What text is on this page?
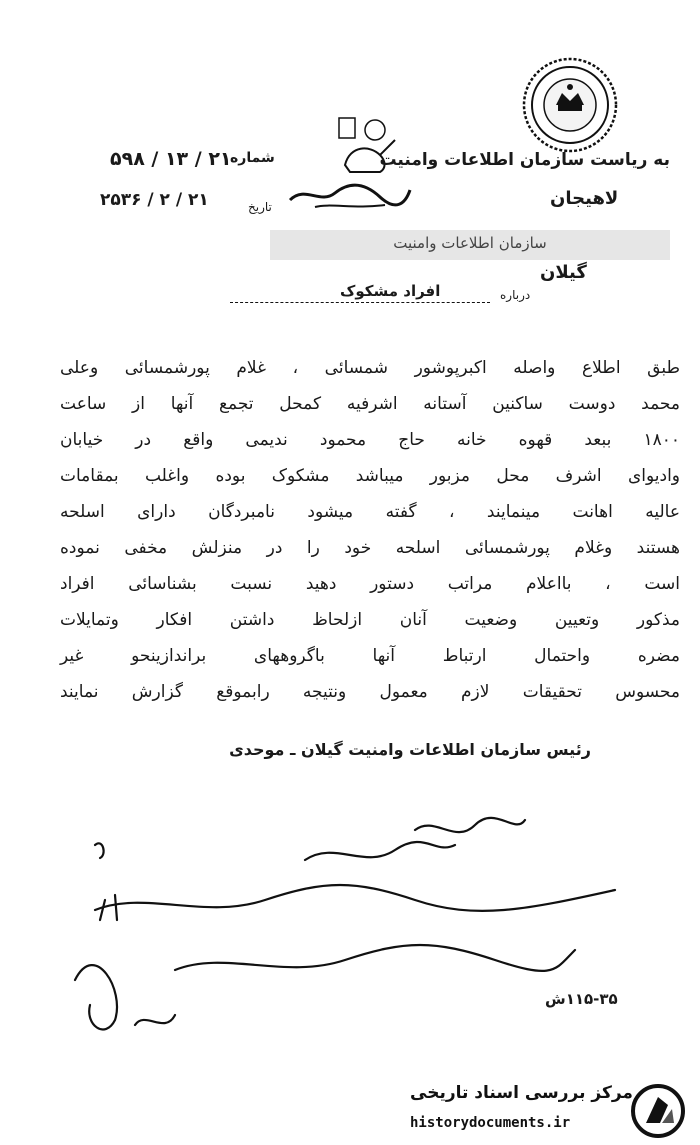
به ریاست سازمان اطلاعات وامنیت
شماره
۵۹۸ / ۱۳ / ۲۱
لاهیجان
تاریخ
۲۵۳۶ / ۲ / ۲۱
سازمان اطلاعات وامنیت
گیلان
درباره
افراد مشکوک
طبق اطلاع واصله اکبرپوشور شمسائی ، غلام پورشمسائی وعلی
محمد دوست ساکنین آستانه اشرفیه کمحل تجمع آنها از ساعت
۱۸۰۰ ببعد قهوه خانه حاج محمود ندیمی واقع در خیابان
وادیوای اشرف محل مزبور میباشد مشکوک بوده واغلب بمقامات
عالیه اهانت مینمایند ، گفته میشود نامبردگان دارای اسلحه
هستند وغلام پورشمسائی اسلحه خود را در منزلش مخفی نموده
است ، بااعلام مراتب دستور دهید نسبت بشناسائی افراد
مذکور وتعیین وضعیت آنان ازلحاظ داشتن افکار وتمایلات
مضره واحتمال ارتباط آنها باگروههای براندازینحو غیر
محسوس تحقیقات لازم معمول ونتیجه رابموقع گزارش نمایند
رئیس سازمان اطلاعات وامنیت گیلان ـ موحدی
۱۱۵-۳۵ش
مرکز بررسی اسناد تاریخی
historydocuments.ir
